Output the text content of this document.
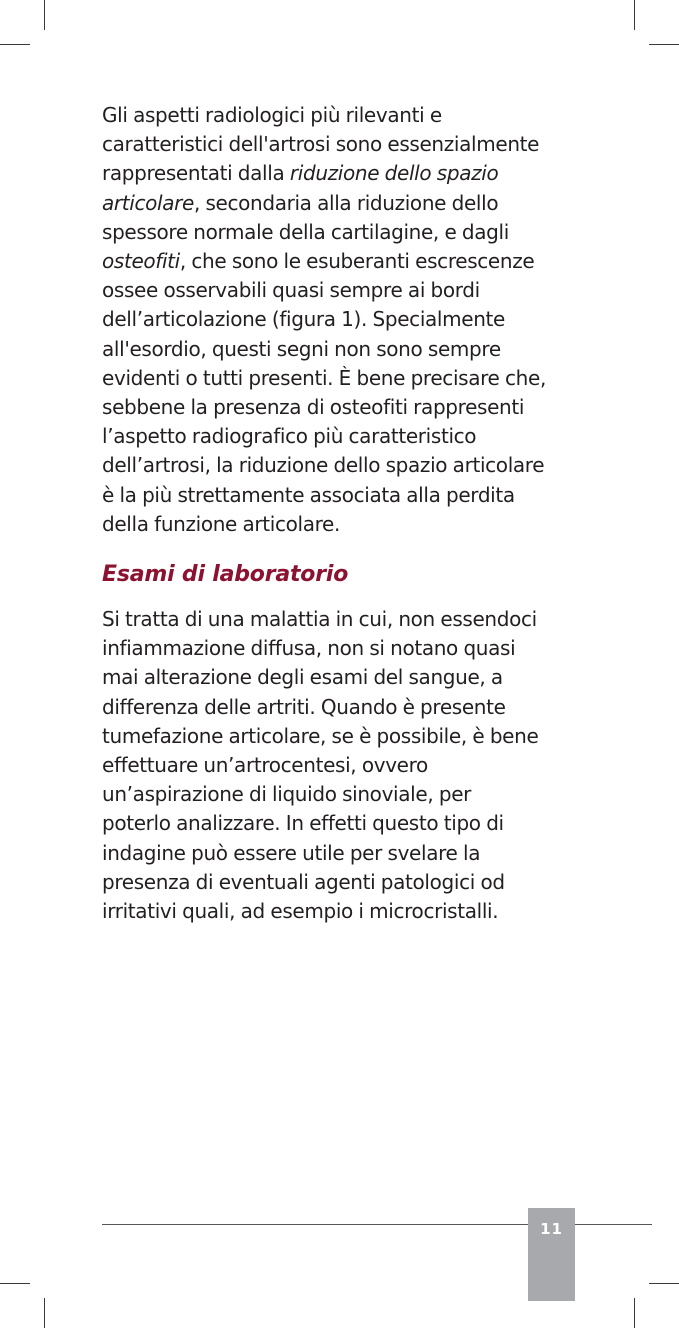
Gli aspetti radiologici più rilevanti e
caratteristici dell'artrosi sono essenzialmente
rappresentati dalla riduzione dello spazio
articolare, secondaria alla riduzione dello
spessore normale della cartilagine, e dagli
osteofiti, che sono le esuberanti escrescenze
ossee osservabili quasi sempre ai bordi
dell’articolazione (figura 1). Specialmente
all'esordio, questi segni non sono sempre
evidenti o tutti presenti. È bene precisare che,
sebbene la presenza di osteofiti rappresenti
l’aspetto radiografico più caratteristico
dell’artrosi, la riduzione dello spazio articolare
è la più strettamente associata alla perdita
della funzione articolare.

Esami di laboratorio

Si tratta di una malattia in cui, non essendoci
infiammazione diffusa, non si notano quasi
mai alterazione degli esami del sangue, a
differenza delle artriti. Quando è presente
tumefazione articolare, se è possibile, è bene
effettuare un’artrocentesi, ovvero
un’aspirazione di liquido sinoviale, per
poterlo analizzare. In effetti questo tipo di
indagine può essere utile per svelare la
presenza di eventuali agenti patologici od
irritativi quali, ad esempio i microcristalli.

11
